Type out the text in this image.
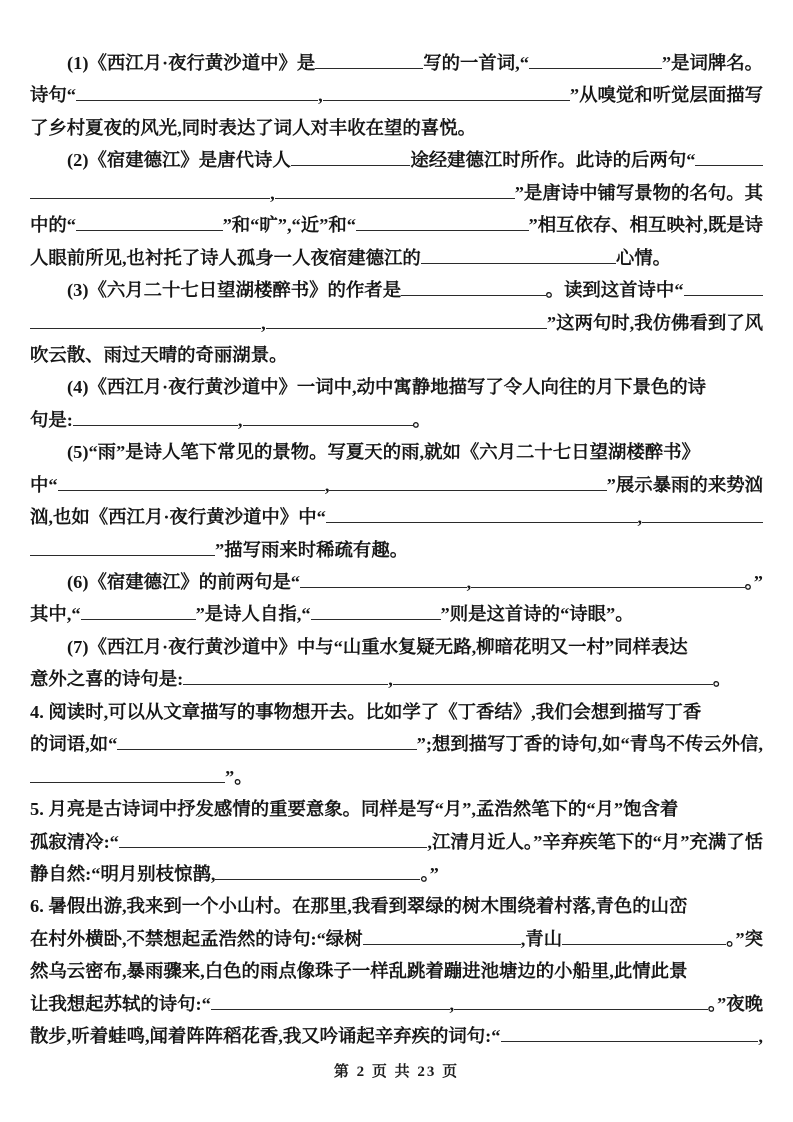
(1)《西江月·夜行黄沙道中》是	写的一首词,“	”是词牌名。
诗句“	,	”从嗅觉和听觉层面描写
了乡村夏夜的风光,同时表达了词人对丰收在望的喜悦。
(2)《宿建德江》是唐代诗人	途经建德江时所作。此诗的后两句“
,	”是唐诗中铺写景物的名句。其
中的“	”和“旷”,“近”和“	”相互依存、相互映衬,既是诗
人眼前所见,也衬托了诗人孤身一人夜宿建德江的	心情。
(3)《六月二十七日望湖楼醉书》的作者是	。读到这首诗中“
,	”这两句时,我仿佛看到了风
吹云散、雨过天晴的奇丽湖景。
(4)《西江月·夜行黄沙道中》一词中,动中寓静地描写了令人向往的月下景色的诗
句是:	,	。
(5)“雨”是诗人笔下常见的景物。写夏天的雨,就如《六月二十七日望湖楼醉书》
中“	,	”展示暴雨的来势汹
汹,也如《西江月·夜行黄沙道中》中“	,
”描写雨来时稀疏有趣。
(6)《宿建德江》的前两句是“	,	。”
其中,“	”是诗人自指,“	”则是这首诗的“诗眼”。
(7)《西江月·夜行黄沙道中》中与“山重水复疑无路,柳暗花明又一村”同样表达
意外之喜的诗句是:	,	。
4. 阅读时,可以从文章描写的事物想开去。比如学了《丁香结》,我们会想到描写丁香
的词语,如“	”;想到描写丁香的诗句,如“青鸟不传云外信,
”。
5. 月亮是古诗词中抒发感情的重要意象。同样是写“月”,孟浩然笔下的“月”饱含着
孤寂清冷:“	,江清月近人。”辛弃疾笔下的“月”充满了恬
静自然:“明月别枝惊鹊,	。”
6. 暑假出游,我来到一个小山村。在那里,我看到翠绿的树木围绕着村落,青色的山峦
在村外横卧,不禁想起孟浩然的诗句:“绿树	,青山	。”突
然乌云密布,暴雨骤来,白色的雨点像珠子一样乱跳着蹦进池塘边的小船里,此情此景
让我想起苏轼的诗句:“	,	。”夜晚
散步,听着蛙鸣,闻着阵阵稻花香,我又吟诵起辛弃疾的词句:“	,
第 2 页 共 23 页
